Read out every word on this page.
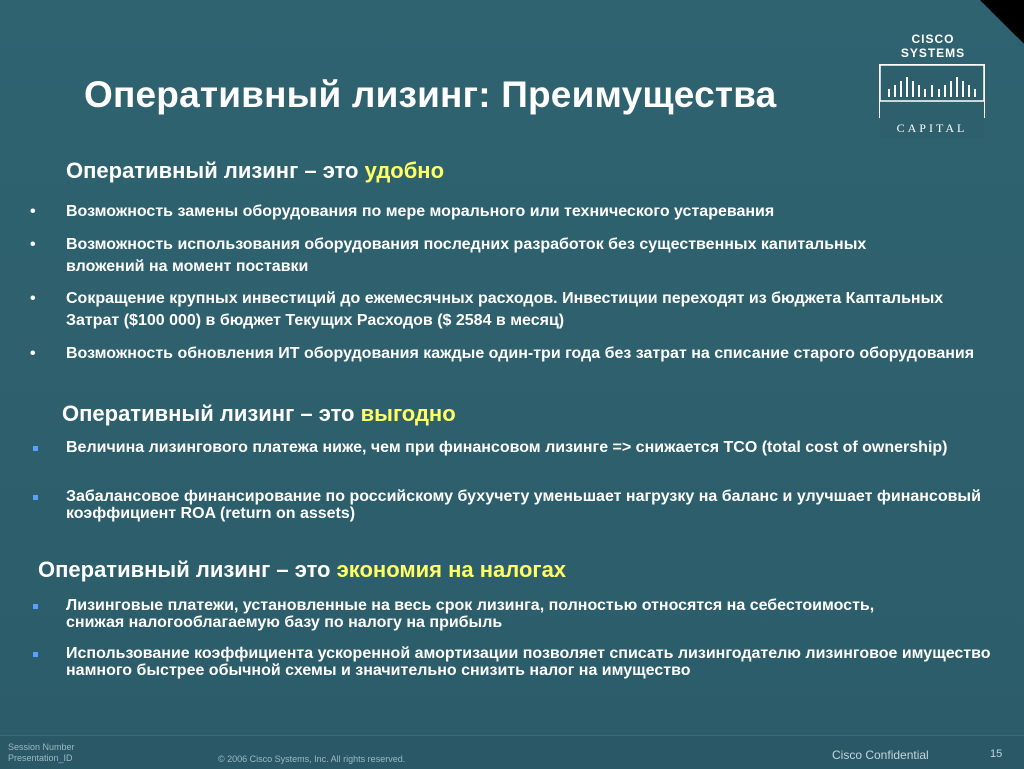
Оперативный лизинг: Преимущества
CISCO SYSTEMS
CAPITAL
Оперативный лизинг – это удобно
•
Возможность замены оборудования по мере морального или технического устаревания
•
Возможность использования оборудования последних разработок без существенных капитальных вложений на момент поставки
•
Сокращение крупных инвестиций до ежемесячных расходов. Инвестиции переходят из бюджета Каптальных Затрат ($100 000) в бюджет Текущих Расходов ($ 2584 в месяц)
•
Возможность обновления ИТ оборудования каждые один-три года без затрат на списание старого оборудования
Оперативный лизинг – это выгодно
Величина лизингового платежа ниже, чем при финансовом лизинге => снижается TCO (total cost of ownership)
Забалансовое финансирование по российскому бухучету уменьшает нагрузку на баланс и улучшает финансовый коэффициент ROA (return on assets)
Оперативный лизинг – это экономия на налогах
Лизинговые платежи, установленные на весь срок лизинга, полностью относятся на себестоимость, снижая налогооблагаемую базу по налогу на прибыль
Использование коэффициента ускоренной амортизации позволяет списать лизингодателю лизинговое имущество намного быстрее обычной схемы и значительно снизить налог на имущество
Session Number
Presentation_ID	© 2006 Cisco Systems, Inc. All rights reserved.	Cisco Confidential	15
